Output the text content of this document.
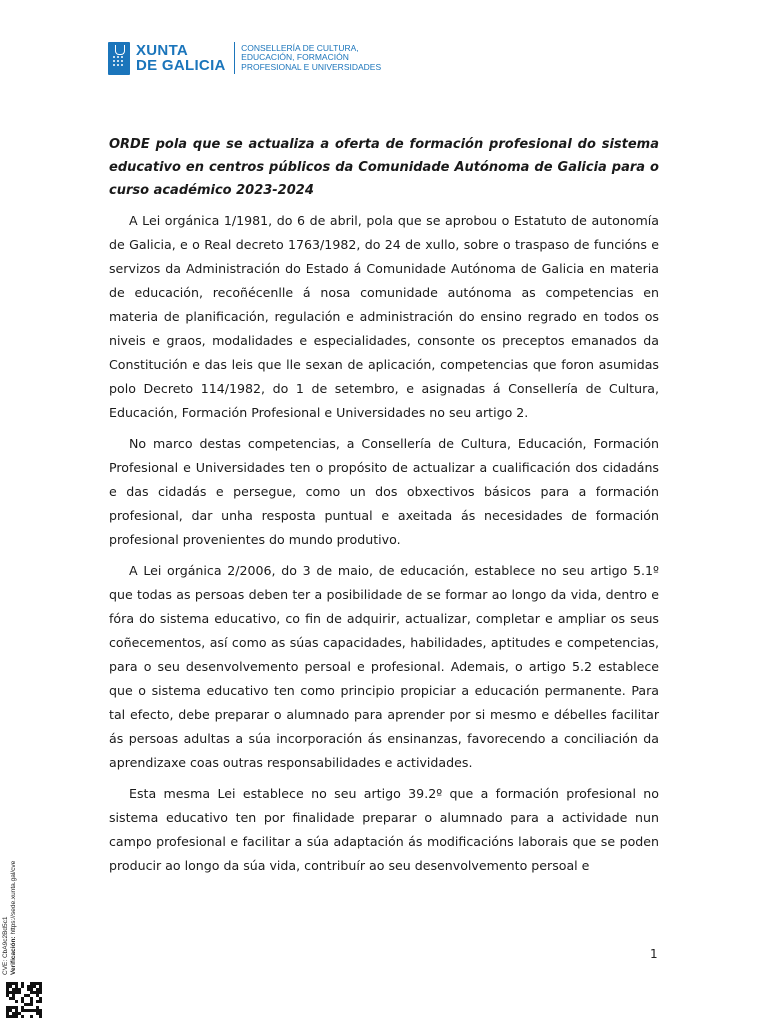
XUNTA
DE GALICIA
CONSELLERÍA DE CULTURA,
EDUCACIÓN, FORMACIÓN
PROFESIONAL E UNIVERSIDADES
ORDE pola que se actualiza a oferta de formación profesional do sistema educativo en centros públicos da Comunidade Autónoma de Galicia para o curso académico 2023-2024

A Lei orgánica 1/1981, do 6 de abril, pola que se aprobou o Estatuto de autonomía de Galicia, e o Real decreto 1763/1982, do 24 de xullo, sobre o traspaso de funcións e servizos da Administración do Estado á Comunidade Autónoma de Galicia en materia de educación, recoñécenlle á nosa comunidade autónoma as competencias en materia de planificación, regulación e administración do ensino regrado en todos os niveis e graos, modalidades e especialidades, consonte os preceptos emanados da Constitución e das leis que lle sexan de aplicación, competencias que foron asumidas polo Decreto 114/1982, do 1 de setembro, e asignadas á Consellería de Cultura, Educación, Formación Profesional e Universidades no seu artigo 2.

No marco destas competencias, a Consellería de Cultura, Educación, Formación Profesional e Universidades ten o propósito de actualizar a cualificación dos cidadáns e das cidadás e persegue, como un dos obxectivos básicos para a formación profesional, dar unha resposta puntual e axeitada ás necesidades de formación profesional provenientes do mundo produtivo.

A Lei orgánica 2/2006, do 3 de maio, de educación, establece no seu artigo 5.1º que todas as persoas deben ter a posibilidade de se formar ao longo da vida, dentro e fóra do sistema educativo, co fin de adquirir, actualizar, completar e ampliar os seus coñecementos, así como as súas capacidades, habilidades, aptitudes e competencias, para o seu desenvolvemento persoal e profesional. Ademais, o artigo 5.2 establece que o sistema educativo ten como principio propiciar a educación permanente. Para tal efecto, debe preparar o alumnado para aprender por si mesmo e débelles facilitar ás persoas adultas a súa incorporación ás ensinanzas, favorecendo a conciliación da aprendizaxe coas outras responsabilidades e actividades.

Esta mesma Lei establece no seu artigo 39.2º que a formación profesional no sistema educativo ten por finalidade preparar o alumnado para a actividade nun campo profesional e facilitar a súa adaptación ás modificacións laborais que se poden producir ao longo da súa vida, contribuír ao seu desenvolvemento persoal e

1
CVE: CbA9c2Bd5c1 Verificación: https://sede.xunta.gal/cve
